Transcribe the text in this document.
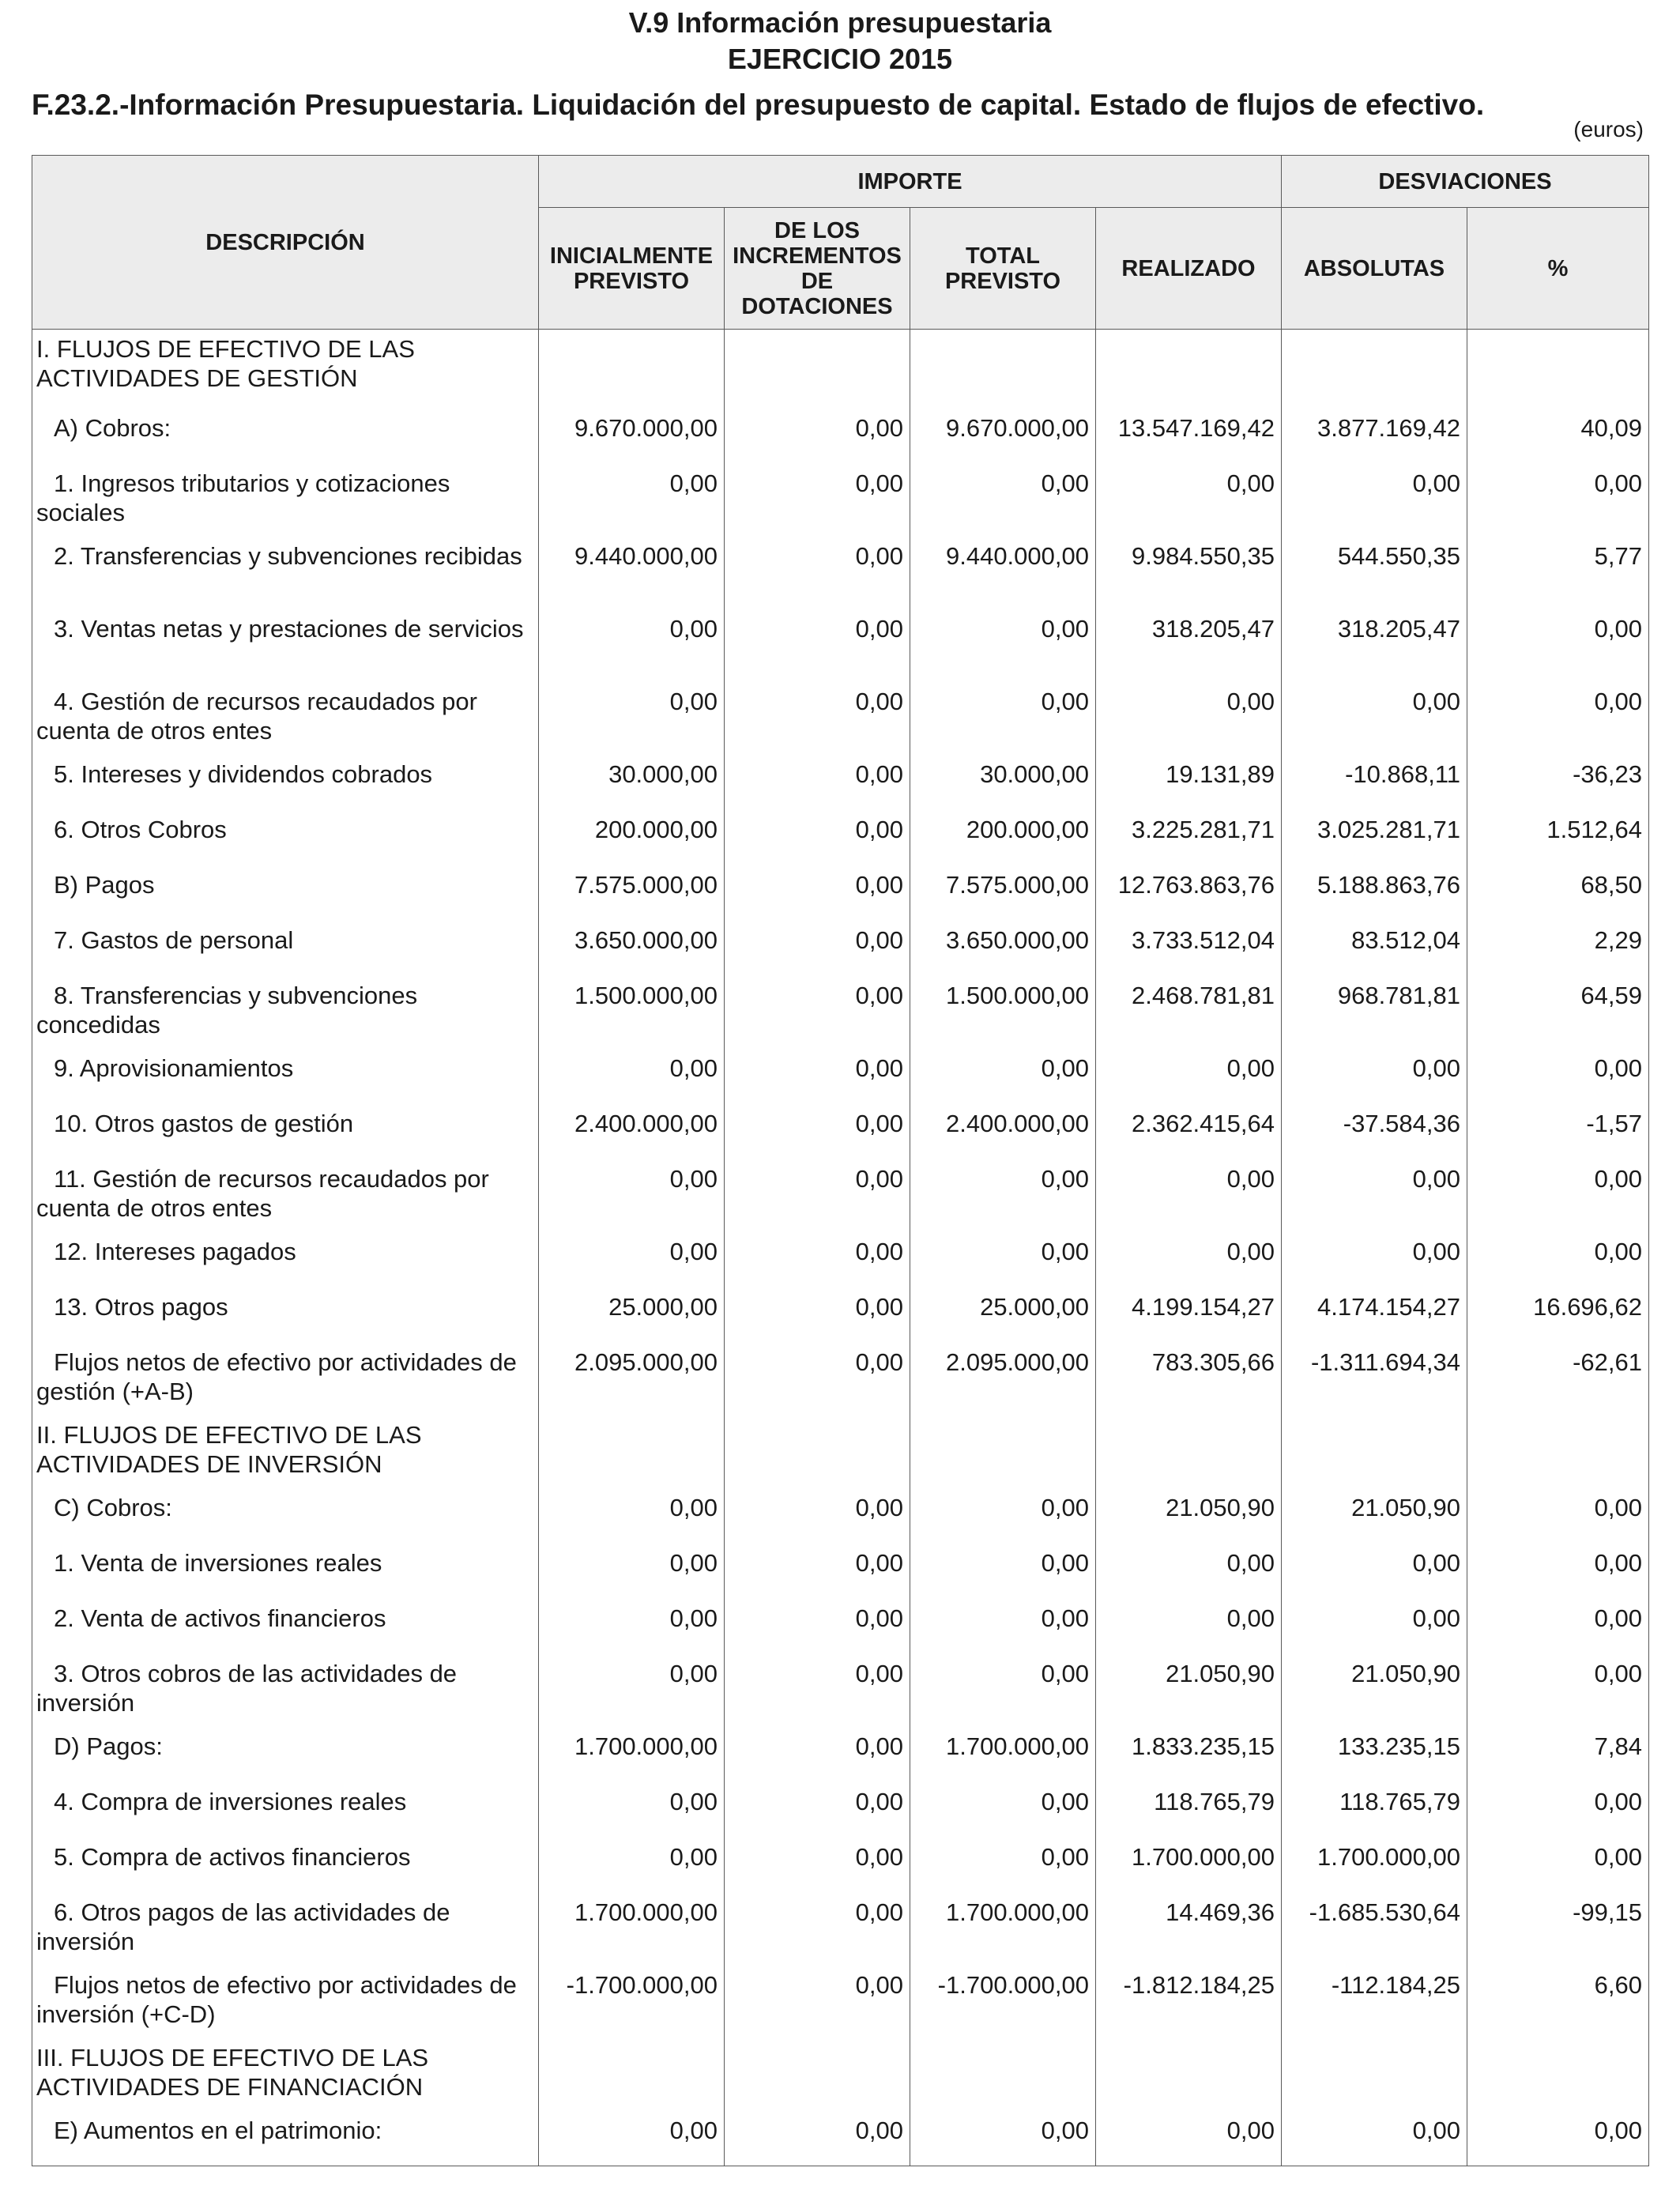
V.9 Información presupuestaria
EJERCICIO 2015
F.23.2.-Información Presupuestaria. Liquidación del presupuesto de capital. Estado de flujos de efectivo.
(euros)
DESCRIPCIÓN	IMPORTE				DESVIACIONES	
	INICIALMENTE PREVISTO	DE LOS INCREMENTOS DE DOTACIONES	TOTAL PREVISTO	REALIZADO	ABSOLUTAS	%
I. FLUJOS DE EFECTIVO DE LAS ACTIVIDADES DE GESTIÓN						
A) Cobros:	9.670.000,00	0,00	9.670.000,00	13.547.169,42	3.877.169,42	40,09
1. Ingresos tributarios y cotizaciones sociales	0,00	0,00	0,00	0,00	0,00	0,00
2. Transferencias y subvenciones recibidas	9.440.000,00	0,00	9.440.000,00	9.984.550,35	544.550,35	5,77
3. Ventas netas y prestaciones de servicios	0,00	0,00	0,00	318.205,47	318.205,47	0,00
4. Gestión de recursos recaudados por cuenta de otros entes	0,00	0,00	0,00	0,00	0,00	0,00
5. Intereses y dividendos cobrados	30.000,00	0,00	30.000,00	19.131,89	-10.868,11	-36,23
6. Otros Cobros	200.000,00	0,00	200.000,00	3.225.281,71	3.025.281,71	1.512,64
B) Pagos	7.575.000,00	0,00	7.575.000,00	12.763.863,76	5.188.863,76	68,50
7. Gastos de personal	3.650.000,00	0,00	3.650.000,00	3.733.512,04	83.512,04	2,29
8. Transferencias y subvenciones concedidas	1.500.000,00	0,00	1.500.000,00	2.468.781,81	968.781,81	64,59
9. Aprovisionamientos	0,00	0,00	0,00	0,00	0,00	0,00
10. Otros gastos de gestión	2.400.000,00	0,00	2.400.000,00	2.362.415,64	-37.584,36	-1,57
11. Gestión de recursos recaudados por cuenta de otros entes	0,00	0,00	0,00	0,00	0,00	0,00
12. Intereses pagados	0,00	0,00	0,00	0,00	0,00	0,00
13. Otros pagos	25.000,00	0,00	25.000,00	4.199.154,27	4.174.154,27	16.696,62
Flujos netos de efectivo por actividades de gestión (+A-B)	2.095.000,00	0,00	2.095.000,00	783.305,66	-1.311.694,34	-62,61
II. FLUJOS DE EFECTIVO DE LAS ACTIVIDADES DE INVERSIÓN						
C) Cobros:	0,00	0,00	0,00	21.050,90	21.050,90	0,00
1. Venta de inversiones reales	0,00	0,00	0,00	0,00	0,00	0,00
2. Venta de activos financieros	0,00	0,00	0,00	0,00	0,00	0,00
3. Otros cobros de las actividades de inversión	0,00	0,00	0,00	21.050,90	21.050,90	0,00
D) Pagos:	1.700.000,00	0,00	1.700.000,00	1.833.235,15	133.235,15	7,84
4. Compra de inversiones reales	0,00	0,00	0,00	118.765,79	118.765,79	0,00
5. Compra de activos financieros	0,00	0,00	0,00	1.700.000,00	1.700.000,00	0,00
6. Otros pagos de las actividades de inversión	1.700.000,00	0,00	1.700.000,00	14.469,36	-1.685.530,64	-99,15
Flujos netos de efectivo por actividades de inversión (+C-D)	-1.700.000,00	0,00	-1.700.000,00	-1.812.184,25	-112.184,25	6,60
III. FLUJOS DE EFECTIVO DE LAS ACTIVIDADES DE FINANCIACIÓN						
E) Aumentos en el patrimonio:	0,00	0,00	0,00	0,00	0,00	0,00
